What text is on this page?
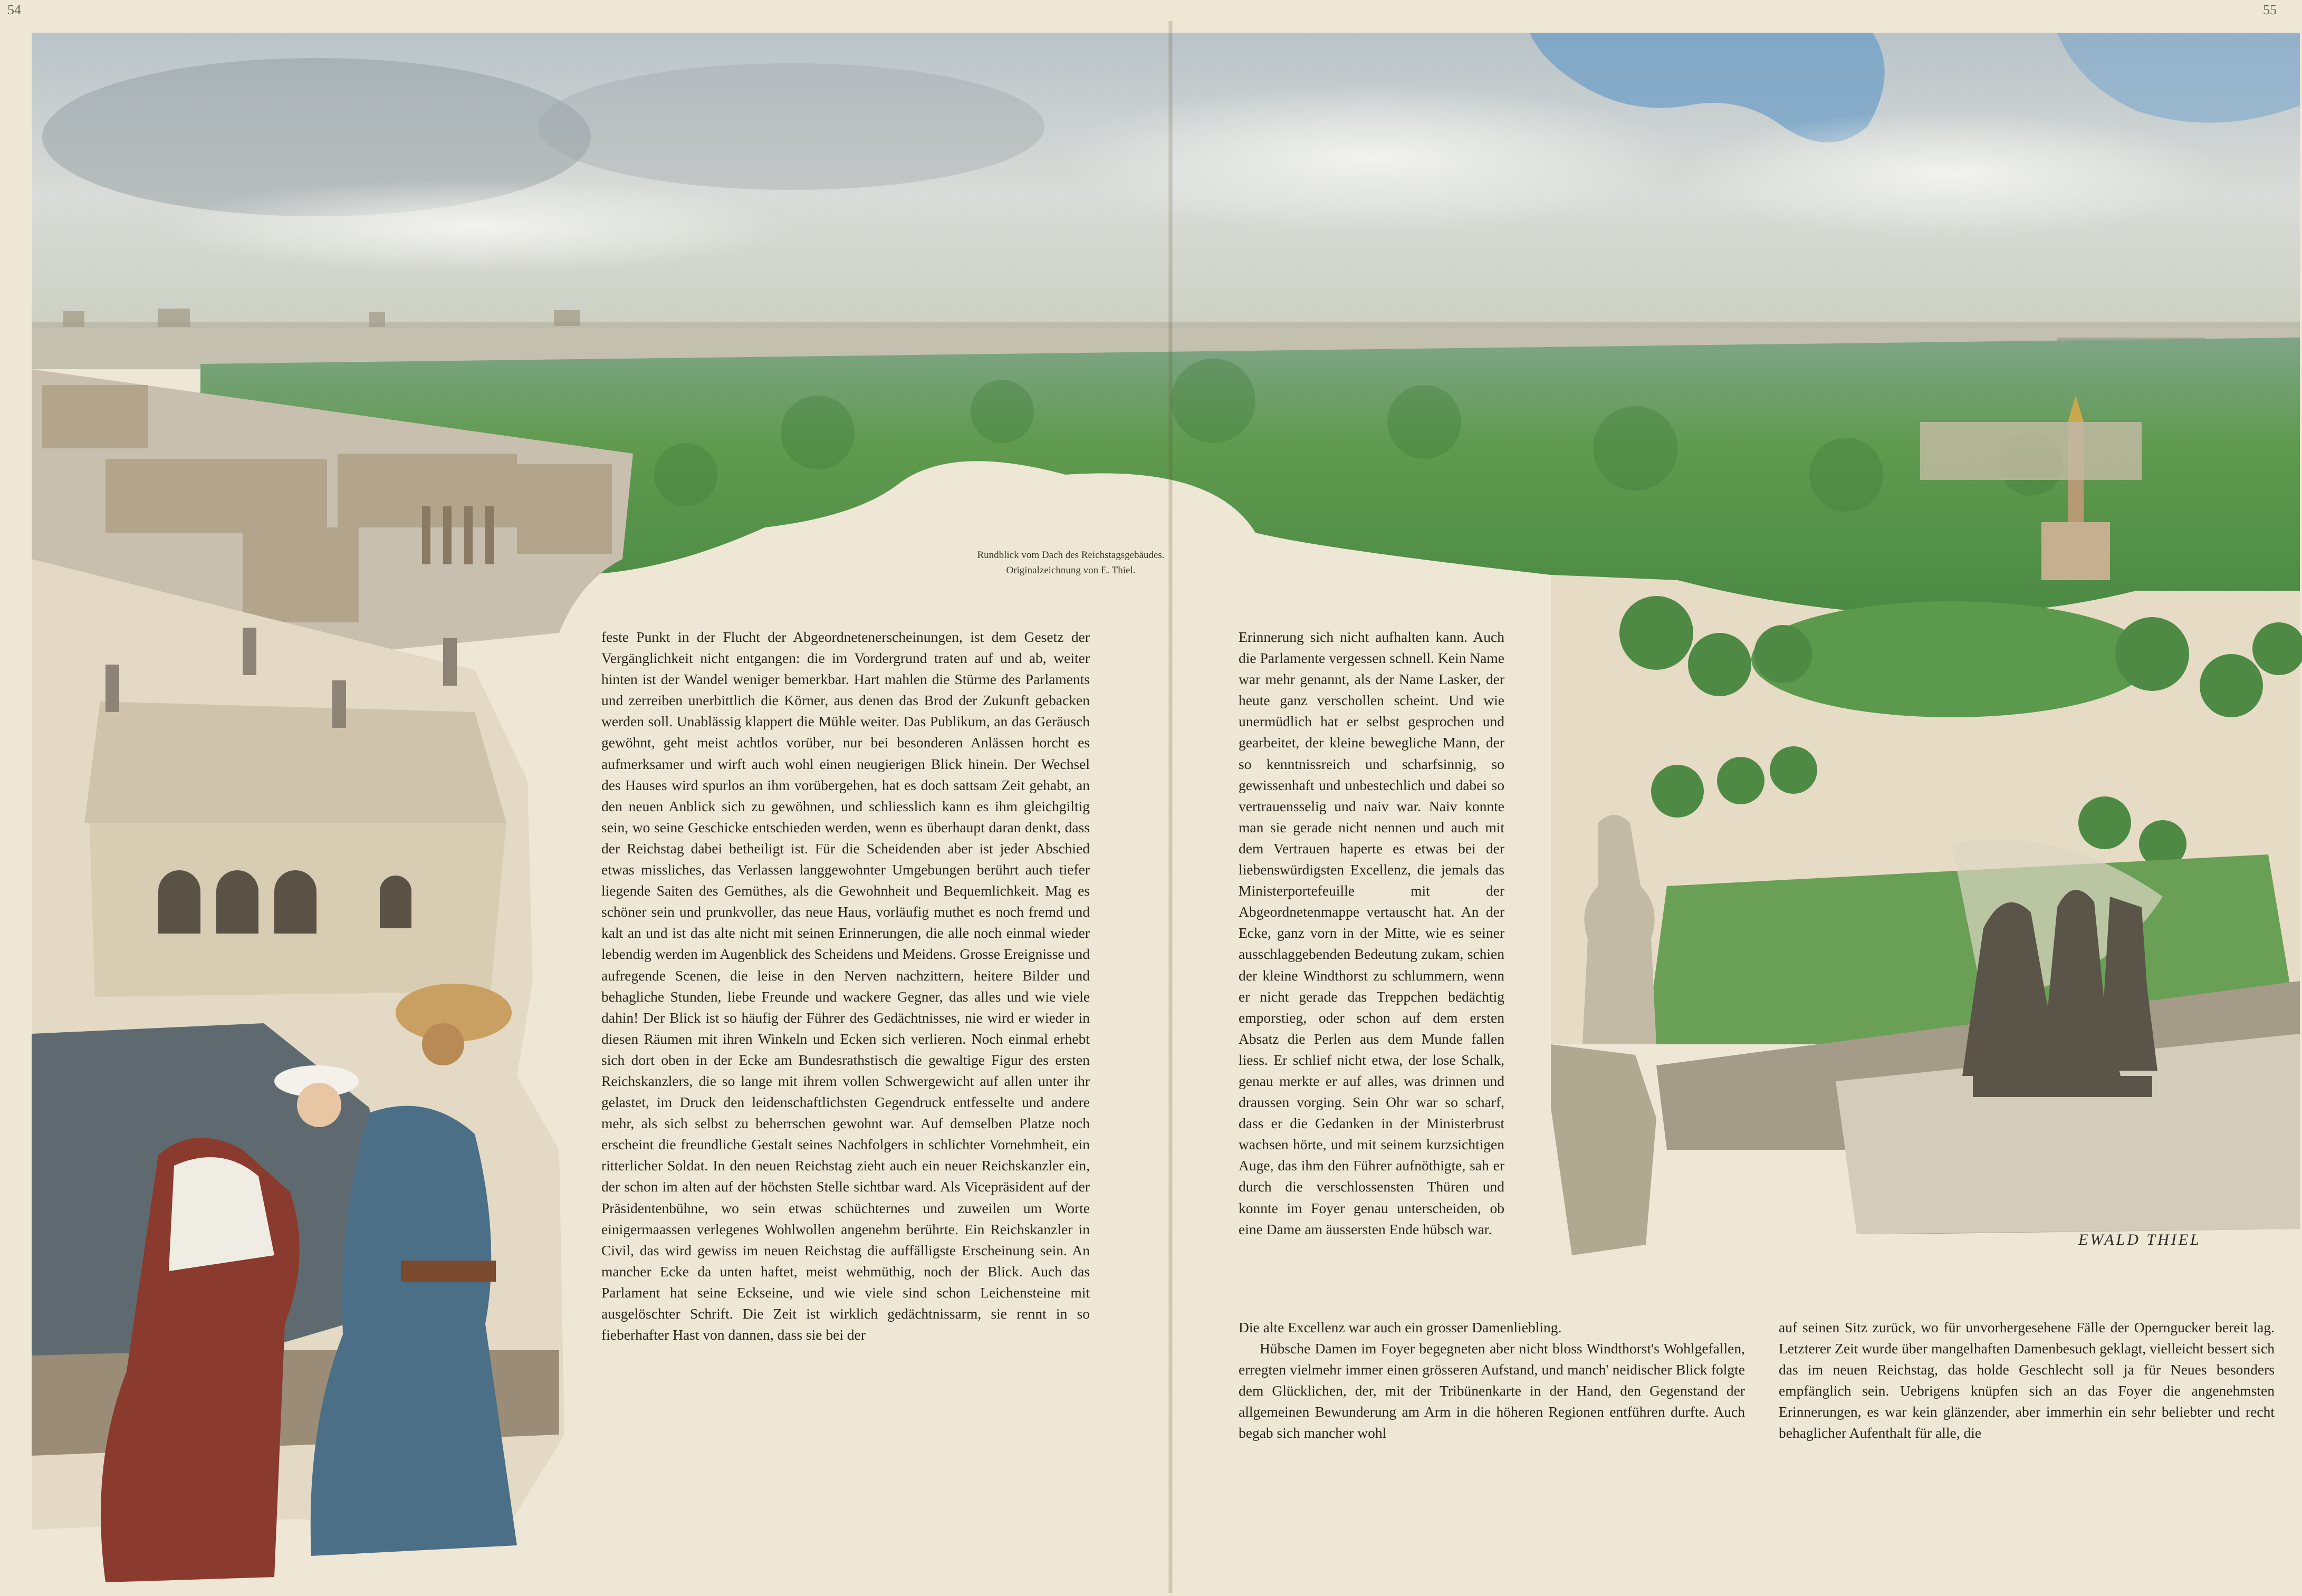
54	55
Rundblick vom Dach des Reichstagsgebäudes.
Originalzeichnung von E. Thiel.
EWALD THIEL

feste Punkt in der Flucht der Abgeordnetenerscheinungen, ist dem Gesetz der Vergänglichkeit nicht entgangen: die im Vordergrund traten auf und ab, weiter hinten ist der Wandel weniger bemerkbar. Hart mahlen die Stürme des Parlaments und zerreiben unerbittlich die Körner, aus denen das Brod der Zukunft gebacken werden soll. Unablässig klappert die Mühle weiter. Das Publikum, an das Geräusch gewöhnt, geht meist achtlos vorüber, nur bei besonderen Anlässen horcht es aufmerksamer und wirft auch wohl einen neugierigen Blick hinein. Der Wechsel des Hauses wird spurlos an ihm vorübergehen, hat es doch sattsam Zeit gehabt, an den neuen Anblick sich zu gewöhnen, und schliesslich kann es ihm gleichgiltig sein, wo seine Geschicke entschieden werden, wenn es überhaupt daran denkt, dass der Reichstag dabei betheiligt ist. Für die Scheidenden aber ist jeder Abschied etwas missliches, das Verlassen langgewohnter Umgebungen berührt auch tiefer liegende Saiten des Gemüthes, als die Gewohnheit und Bequemlichkeit. Mag es schöner sein und prunkvoller, das neue Haus, vorläufig muthet es noch fremd und kalt an und ist das alte nicht mit seinen Erinnerungen, die alle noch einmal wieder lebendig werden im Augenblick des Scheidens und Meidens. Grosse Ereignisse und aufregende Scenen, die leise in den Nerven nachzittern, heitere Bilder und behagliche Stunden, liebe Freunde und wackere Gegner, das alles und wie viele dahin! Der Blick ist so häufig der Führer des Gedächtnisses, nie wird er wieder in diesen Räumen mit ihren Winkeln und Ecken sich verlieren. Noch einmal erhebt sich dort oben in der Ecke am Bundesrathstisch die gewaltige Figur des ersten Reichskanzlers, die so lange mit ihrem vollen Schwergewicht auf allen unter ihr gelastet, im Druck den leidenschaftlichsten Gegendruck entfesselte und andere mehr, als sich selbst zu beherrschen gewohnt war. Auf demselben Platze noch erscheint die freundliche Gestalt seines Nachfolgers in schlichter Vornehmheit, ein ritterlicher Soldat. In den neuen Reichstag zieht auch ein neuer Reichskanzler ein, der schon im alten auf der höchsten Stelle sichtbar ward. Als Vicepräsident auf der Präsidentenbühne, wo sein etwas schüchternes und zuweilen um Worte einigermaassen verlegenes Wohlwollen angenehm berührte. Ein Reichskanzler in Civil, das wird gewiss im neuen Reichstag die auffälligste Erscheinung sein. An mancher Ecke da unten haftet, meist wehmüthig, noch der Blick. Auch das Parlament hat seine Eckseine, und wie viele sind schon Leichensteine mit ausgelöschter Schrift. Die Zeit ist wirklich gedächtnissarm, sie rennt in so fieberhafter Hast von dannen, dass sie bei der

Erinnerung sich nicht aufhalten kann. Auch die Parlamente vergessen schnell. Kein Name war mehr genannt, als der Name Lasker, der heute ganz verschollen scheint. Und wie unermüdlich hat er selbst gesprochen und gearbeitet, der kleine bewegliche Mann, der so kenntnissreich und scharfsinnig, so gewissenhaft und unbestechlich und dabei so vertrauensselig und naiv war. Naiv konnte man sie gerade nicht nennen und auch mit dem Vertrauen haperte es etwas bei der liebenswürdigsten Excellenz, die jemals das Ministerportefeuille mit der Abgeordnetenmappe vertauscht hat. An der Ecke, ganz vorn in der Mitte, wie es seiner ausschlaggebenden Bedeutung zukam, schien der kleine Windthorst zu schlummern, wenn er nicht gerade das Treppchen bedächtig emporstieg, oder schon auf dem ersten Absatz die Perlen aus dem Munde fallen liess. Er schlief nicht etwa, der lose Schalk, genau merkte er auf alles, was drinnen und draussen vorging. Sein Ohr war so scharf, dass er die Gedanken in der Ministerbrust wachsen hörte, und mit seinem kurzsichtigen Auge, das ihm den Führer aufnöthigte, sah er durch die verschlossensten Thüren und konnte im Foyer genau unterscheiden, ob eine Dame am äussersten Ende hübsch war.

Die alte Excellenz war auch ein grosser Damenliebling.

Hübsche Damen im Foyer begegneten aber nicht bloss Windthorst's Wohlgefallen, erregten vielmehr immer einen grösseren Aufstand, und manch' neidischer Blick folgte dem Glücklichen, der, mit der Tribünenkarte in der Hand, den Gegenstand der allgemeinen Bewunderung am Arm in die höheren Regionen entführen durfte. Auch begab sich mancher wohl

auf seinen Sitz zurück, wo für unvorhergesehene Fälle der Operngucker bereit lag. Letzterer Zeit wurde über mangelhaften Damenbesuch geklagt, vielleicht bessert sich das im neuen Reichstag, das holde Geschlecht soll ja für Neues besonders empfänglich sein. Uebrigens knüpfen sich an das Foyer die angenehmsten Erinnerungen, es war kein glänzender, aber immerhin ein sehr beliebter und recht behaglicher Aufenthalt für alle, die
